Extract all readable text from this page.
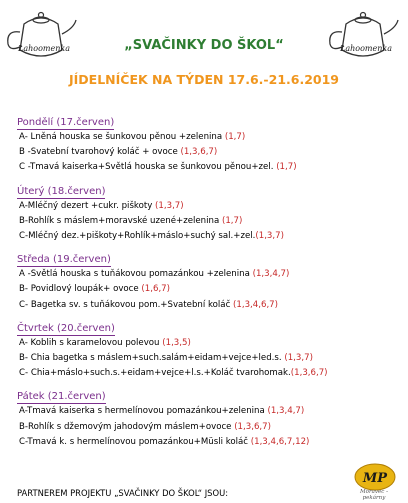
Lahoomenka	Lahoomenka
„SVAČINKY DO ŠKOL“
JÍDELNÍČEK NA TÝDEN 17.6.-21.6.2019
Pondělí (17.červen)
A- Lněná houska se šunkovou pěnou +zelenina (1,7)
B -Svatební tvarohový koláč + ovoce (1,3,6,7)
C -Tmavá kaiserka+Světlá houska se šunkovou pěnou+zel. (1,7)
Úterý (18.červen)
A-Mléčný dezert +cukr. piškoty (1,3,7)
B-Rohlík s máslem+moravské uzené+zelenina (1,7)
C-Mléčný dez.+piškoty+Rohlík+máslo+suchý sal.+zel.(1,3,7)
Středa (19.červen)
A -Světlá houska s tuňákovou pomazánkou +zelenina (1,3,4,7)
B- Povidlový loupák+ ovoce (1,6,7)
C- Bagetka sv. s tuňákovou pom.+Svatební koláč (1,3,4,6,7)
Čtvrtek (20.červen)
A- Koblih s karamelovou polevou (1,3,5)
B- Chia bagetka s máslem+such.salám+eidam+vejce+led.s. (1,3,7)
C- Chia+máslo+such.s.+eidam+vejce+l.s.+Koláč tvarohomak.(1,3,6,7)
Pátek (21.červen)
A-Tmavá kaiserka s hermelínovou pomazánkou+zelenina (1,3,4,7)
B-Rohlík s džemovým jahodovým máslem+ovoce (1,3,6,7)
C-Tmavá k. s hermelínovou pomazánkou+Müsli koláč (1,3,4,6,7,12)
PARTNEREM PROJEKTU „SVAČINKY DO ŠKOL“ JSOU:
MP
Moravec - pekárny
